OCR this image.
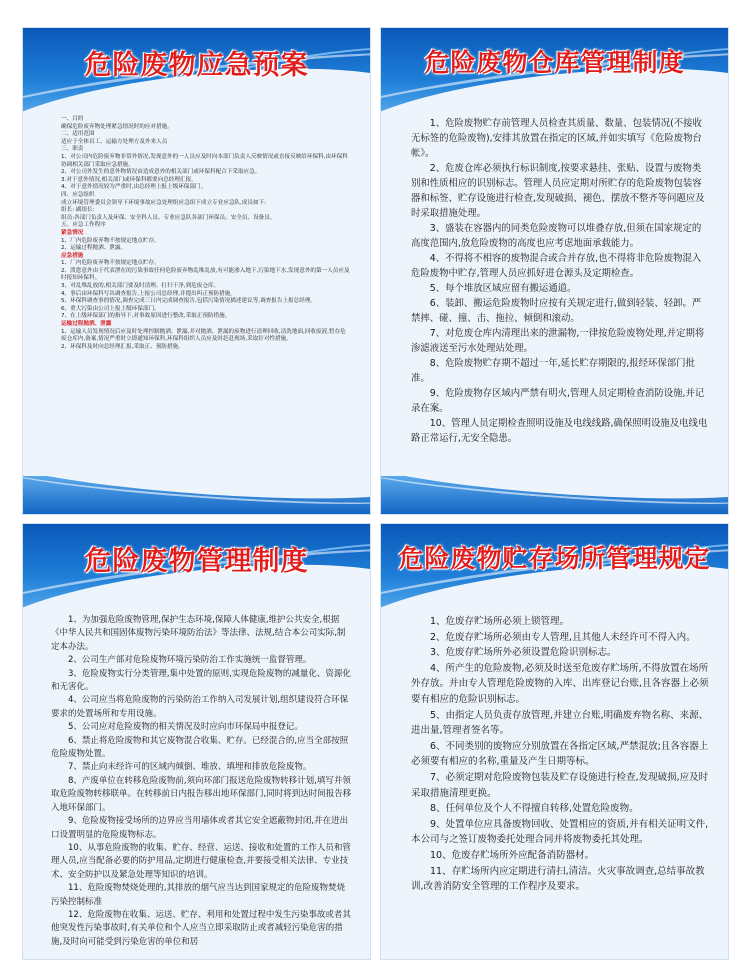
危险废物应急预案
一、目的
确保危险废弃物处理紧急情况时的应对措施。
二、适用范围
适应于全体员工、运输方处理方及外来人员
三、职责
1、对公司内危险废弃物非常外情况,发现意外的一人员应及时向本部门负责人反映情况或直接反映给环保科,由环保科协调相关部门采取应急措施。
2、对公司外发生的意外物情况由造成意外的相关部门或环保科配合下采取应急。
3.对于意外情况,相关部门或环保科都要向总经理汇报。
4、对于意外情况较为严重时,由总经理上报上级环保部门。
四、应急组织
成立环境管理委员会领导下环境事故应急处理组应急组下成立专业应急队,成员如下:
组长: 副组长:
组员:各部门负责人及环保、安全科人员、专业应急队各部门环保员、安全员、设备员。
五、应急工作程序
紧急情况
1、厂内危险废弃物不按规定地点贮存。
2、运输过程抛洒、泄露。
应急措施
1、厂内危险废弃物不按规定地点贮存。
2、泼您意外由于代表泄在的污染事故任何危险废弃物乱堆乱放,有可能渗入地下,污染地下水,发现意外的第一人员应及时报知环保科。
3、对乱堆乱放的,相关部门要及时清理、打扫干净,到危废仓库。
4、事后由环保科写出调查报告,上报公司总经理,并提出纠正预防措施。
5、环保科调查事的情况,调查完成三日内完成调查报告,包括污染情况描述建议等,调查报告上报总经理。
6、重大污染由公司上报上级环保部门。
7、在上级环保部门的指导下,对事故原因进行整改,采取正预防措施。
运输过程抛洒、泄露
1、运输人员发现情况后应及时处理控制抛洒、泄漏,并对抛洒、泄漏的废物进行清理回收,清洗地面,回收废液,暂存危废仓库内,备案,情况严重时立即通知环保科,环保科组织人员应及时赶赴现场,采取针对性措施。
2、环保科及时向总经理汇报,采取正、预防措施。
危险废物仓库管理制度
1、危险废物贮存前管理人员检查其质量、数量、包装情况(不接收无标签的危险废物),安排其放置在指定的区域,并如实填写《危险废物台帐》。
2、危废仓库必须执行标识制度,按要求悬挂、张贴、设置与废物类别和性质相应的识别标志。管理人员应定期对所贮存的危险废物包装容器和标签、贮存设施进行检查,发现破损、褪色、摆放不整齐等问题应及时采取措施处理。
3、盛装在容器内的同类危险废物可以堆叠存放,但须在国家规定的高度范围内,放危险废物的高度也应考虑地面承载能力。
4、不得将不相容的废物混合或合并存放,也不得将非危险废物混入危险废物中贮存,管理人员应抓好进仓源头及定期检查。
5、每个堆放区域应留有搬运通道。
6、装卸、搬运危险废物时应按有关规定进行,做到轻装、轻卸。严禁摔、碰、撞、击、拖拉、倾倒和滚动。
7、对危废仓库内清理出来的泄漏物,一律按危险废物处理,并定期将渗滤液送至污水处理站处理。
8、危险废物贮存期不超过一年,延长贮存期限的,报经环保部门批准。
9、危险废物存区域内严禁有明火,管理人员定期检查消防设施,并记录在案。
10、管理人员定期检查照明设施及电线线路,确保照明设施及电线电路正常运行,无安全隐患。
危险废物管理制度
1、为加强危险废物管理,保护生态环境,保障人体健康,维护公共安全,根据《中华人民共和国固体废物污染环境防治法》等法律、法规,结合本公司实际,制定本办法。
2、公司生产部对危险废物环境污染防治工作实施统一监督管理。
3、危险废物实行分类管理,集中处置的原则,实现危险废物的减量化、资源化和无害化。
4、公司应当将危险废物的污染防治工作纳入司发展计划,组织建设符合环保要求的处置场所和专用设施。
5、公司应对危险废物的相关情况及时应向市环保局申报登记。
6、禁止将危险废物和其它废物混合收集、贮存。已经混合的,应当全部按照危险废物处置。
7、禁止向未经许可的区域内倾倒、堆放、填埋和排放危险废物。
8、产废单位在转移危险废物前,须向环部门报送危险废物转移计划,填写并领取危险废物转移联单。在转移前日内报告移出地环保部门,同时将到达时间报告移入地环保部门。
9、危险废物接受场所的边界应当用墙体或者其它安全遮蔽物封闭,并在进出口设置明显的危险废物标志。
10、从事危险废物的收集、贮存、经营、运送、接收和处置的工作人员和管理人员,应当配备必要的防护用品,定期进行健康检查,并要接受相关法律、专业技术、安全防护以及紧急处理等知识的培训。
11、危险废物焚烧处理的,其排放的烟气应当达到国家规定的危险废物焚烧污染控制标准
12、危险废物在收集、运送、贮存、利用和处置过程中发生污染事故或者其他突发性污染事故时,有关单位和个人应当立即采取防止或者减轻污染危害的措施,及时向可能受到污染危害的单位和居
危险废物贮存场所管理规定
1、危废存贮场所必须上锁管理。
2、危废存贮场所必须由专人管理,且其他人未经许可不得入内。
3、危废存贮场所外必须设置危险识别标志。
4、所产生的危险废物,必须及时送至危废存贮场所,不得放置在场所外存放。并由专人管理危险废物的入库、出库登记台账,且各容器上必须要有相应的危险识别标志。
5、由指定人员负责存放管理,并建立台账,明确废弃物名称、来源、进出量,管理者签名等。
6、不同类别的废物应分别放置在各指定区域,严禁混放;且各容器上必须要有相应的名称,重量及产生日期等标。
7、必须定期对危险废物包装及贮存设施进行检查,发现破损,应及时采取措施清理更换。
8、任何单位及个人不得擅自转移,处置危险废物。
9、处置单位应具备废物回收、处置相应的资质,并有相关证明文件,本公司与之签订废物委托处理合同并将废物委托其处理。
10、危废存贮场所外应配备消防器材。
11、存贮场所内应定期进行清扫,清洁。火灾事故调查,总结事故教训,改善消防安全管理的工作程序及要求。
